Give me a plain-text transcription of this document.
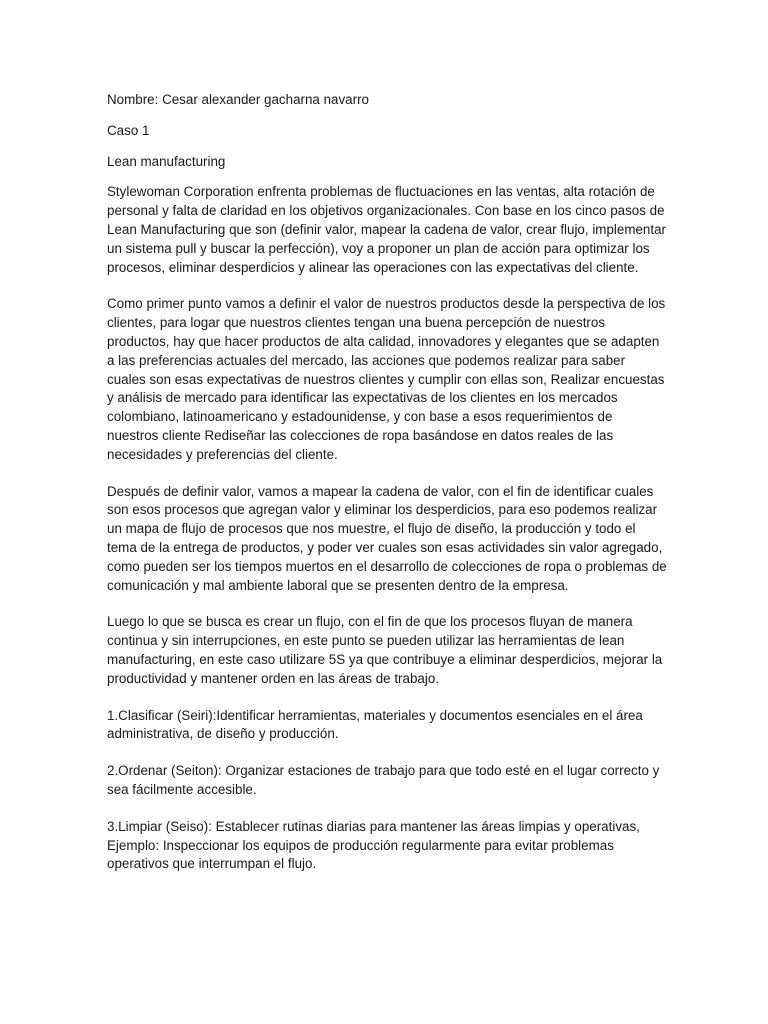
Nombre: Cesar alexander gacharna navarro

Caso 1

Lean manufacturing

Stylewoman Corporation enfrenta problemas de fluctuaciones en las ventas, alta rotación de personal y falta de claridad en los objetivos organizacionales. Con base en los cinco pasos de Lean Manufacturing que son (definir valor, mapear la cadena de valor, crear flujo, implementar un sistema pull y buscar la perfección), voy a proponer un plan de acción para optimizar los procesos, eliminar desperdicios y alinear las operaciones con las expectativas del cliente.

Como primer punto vamos a definir el valor de nuestros productos desde la perspectiva de los clientes, para logar que nuestros clientes tengan una buena percepción de nuestros productos, hay que hacer productos de alta calidad, innovadores y elegantes que se adapten a las preferencias actuales del mercado, las acciones que podemos realizar para saber cuales son esas expectativas de nuestros clientes y cumplir con ellas son, Realizar encuestas y análisis de mercado para identificar las expectativas de los clientes en los mercados colombiano, latinoamericano y estadounidense, y con base a esos requerimientos de nuestros cliente Rediseñar las colecciones de ropa basándose en datos reales de las necesidades y preferencias del cliente.

Después de definir valor, vamos a mapear la cadena de valor, con el fin de identificar cuales son esos procesos que agregan valor y eliminar los desperdicios, para eso podemos realizar un mapa de flujo de procesos que nos muestre, el flujo de diseño, la producción y todo el tema de la entrega de productos, y poder ver cuales son esas actividades sin valor agregado, como pueden ser los tiempos muertos en el desarrollo de colecciones de ropa o problemas de comunicación y mal ambiente laboral que se presenten dentro de la empresa.

Luego lo que se busca es crear un flujo, con el fin de que los procesos fluyan de manera continua y sin interrupciones, en este punto se pueden utilizar las herramientas de lean manufacturing, en este caso utilizare 5S ya que contribuye a eliminar desperdicios, mejorar la productividad y mantener orden en las áreas de trabajo.

1.Clasificar (Seiri):Identificar herramientas, materiales y documentos esenciales en el área administrativa, de diseño y producción.

2.Ordenar (Seiton): Organizar estaciones de trabajo para que todo esté en el lugar correcto y sea fácilmente accesible.

3.Limpiar (Seiso): Establecer rutinas diarias para mantener las áreas limpias y operativas, Ejemplo: Inspeccionar los equipos de producción regularmente para evitar problemas operativos que interrumpan el flujo.
